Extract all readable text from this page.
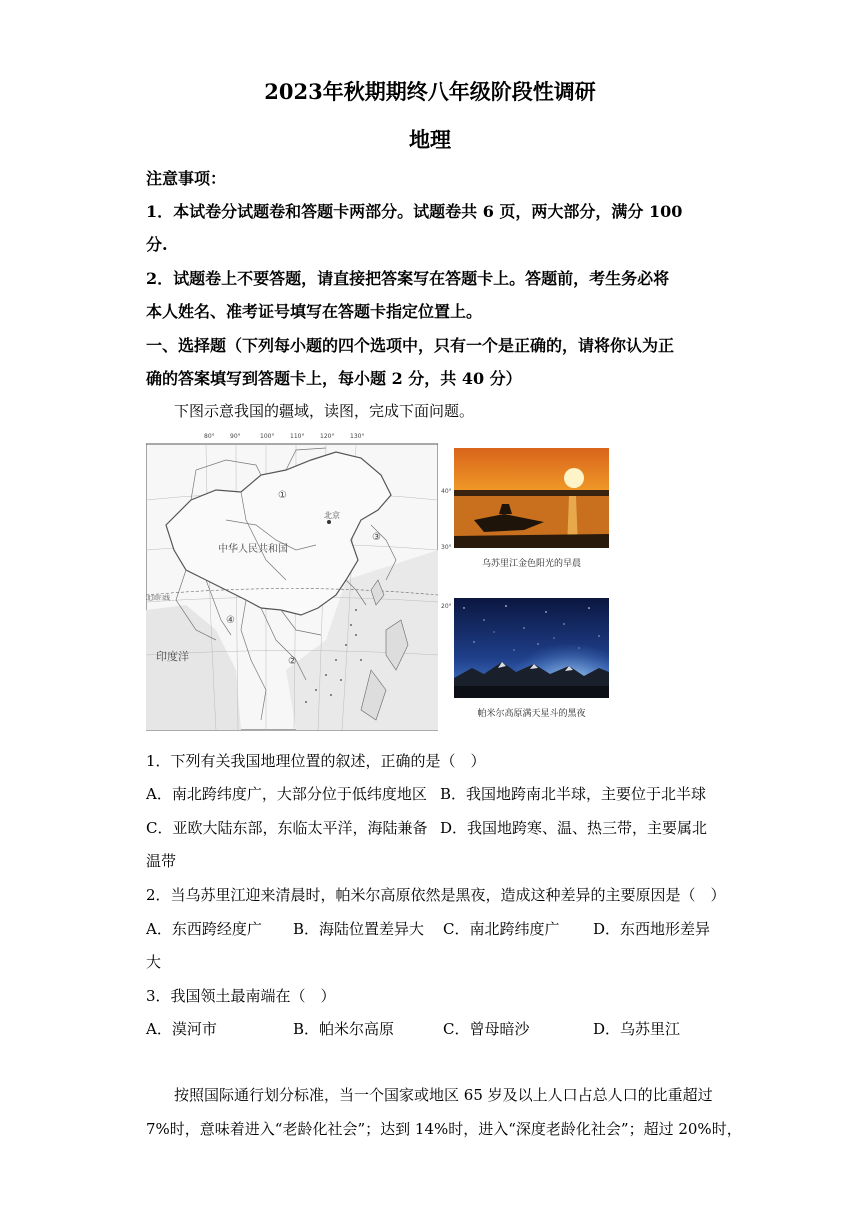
2023年秋期期终八年级阶段性调研
地理
注意事项：
1．本试卷分试题卷和答题卡两部分。试题卷共 6 页，两大部分，满分 100
分.
2．试题卷上不要答题，请直接把答案写在答题卡上。答题前，考生务必将
本人姓名、准考证号填写在答题卡指定位置上。
一、选择题（下列每小题的四个选项中，只有一个是正确的，请将你认为正
确的答案填写到答题卡上，每小题 2 分，共 40 分）
下图示意我国的疆域，读图，完成下面问题。
80°	90°	100°	110°	120°	130°
中华人民共和国
北京
印度洋
北回归线
①
②
③
④
40°
30°
20°
乌苏里江金色阳光的早晨
帕米尔高原满天星斗的黑夜
1．下列有关我国地理位置的叙述，正确的是（　）
A．南北跨纬度广，大部分位于低纬度地区 B．我国地跨南北半球，主要位于北半球
C．亚欧大陆东部，东临太平洋，海陆兼备 D．我国地跨寒、温、热三带，主要属北
温带
2．当乌苏里江迎来清晨时，帕米尔高原依然是黑夜，造成这种差异的主要原因是（　）
A．东西跨经度广 B．海陆位置差异大 C．南北跨纬度广 D．东西地形差异
大
3．我国领土最南端在（　）
A．漠河市	B．帕米尔高原	C．曾母暗沙	D．乌苏里江
按照国际通行划分标准，当一个国家或地区 65 岁及以上人口占总人口的比重超过
7%时，意味着进入“老龄化社会”；达到 14%时，进入“深度老龄化社会”；超过 20%时，
